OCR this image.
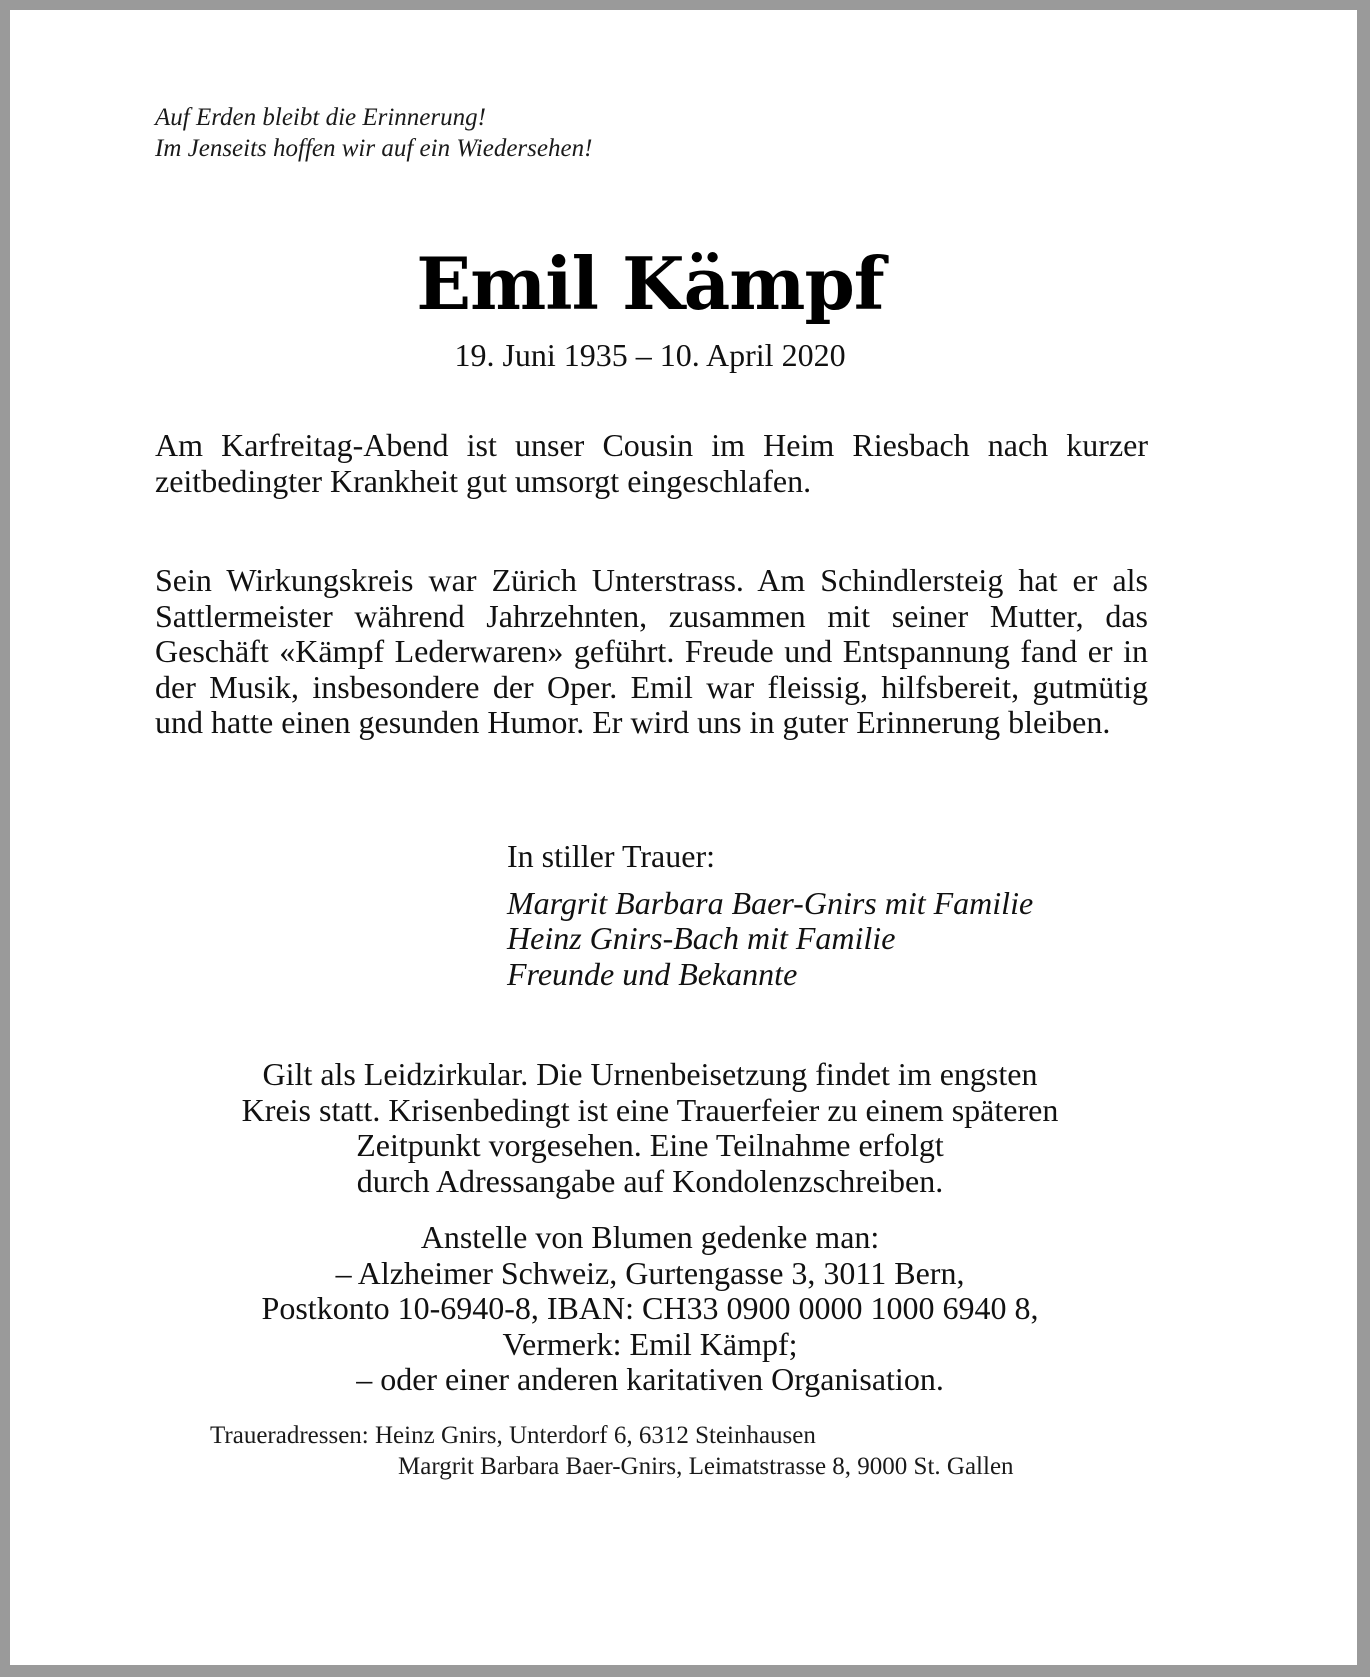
Auf Erden bleibt die Erinnerung!
Im Jenseits hoffen wir auf ein Wiedersehen!
Emil Kämpf
19. Juni 1935 – 10. April 2020
Am Karfreitag-Abend ist unser Cousin im Heim Riesbach nach kurzer zeitbedingter Krankheit gut umsorgt eingeschlafen.
Sein Wirkungskreis war Zürich Unterstrass. Am Schindlersteig hat er als Sattlermeister während Jahrzehnten, zusammen mit seiner Mutter, das Geschäft «Kämpf Lederwaren» geführt. Freude und Entspannung fand er in der Musik, insbesondere der Oper. Emil war fleissig, hilfsbereit, gutmütig und hatte einen gesunden Humor. Er wird uns in guter Erinnerung bleiben.
In stiller Trauer:
Margrit Barbara Baer-Gnirs mit Familie
Heinz Gnirs-Bach mit Familie
Freunde und Bekannte
Gilt als Leidzirkular. Die Urnenbeisetzung findet im engsten
Kreis statt. Krisenbedingt ist eine Trauerfeier zu einem späteren
Zeitpunkt vorgesehen. Eine Teilnahme erfolgt
durch Adressangabe auf Kondolenzschreiben.
Anstelle von Blumen gedenke man:
– Alzheimer Schweiz, Gurtengasse 3, 3011 Bern,
Postkonto 10-6940-8, IBAN: CH33 0900 0000 1000 6940 8,
Vermerk: Emil Kämpf;
– oder einer anderen karitativen Organisation.
Traueradressen: Heinz Gnirs, Unterdorf 6, 6312 Steinhausen
Margrit Barbara Baer-Gnirs, Leimatstrasse 8, 9000 St. Gallen
